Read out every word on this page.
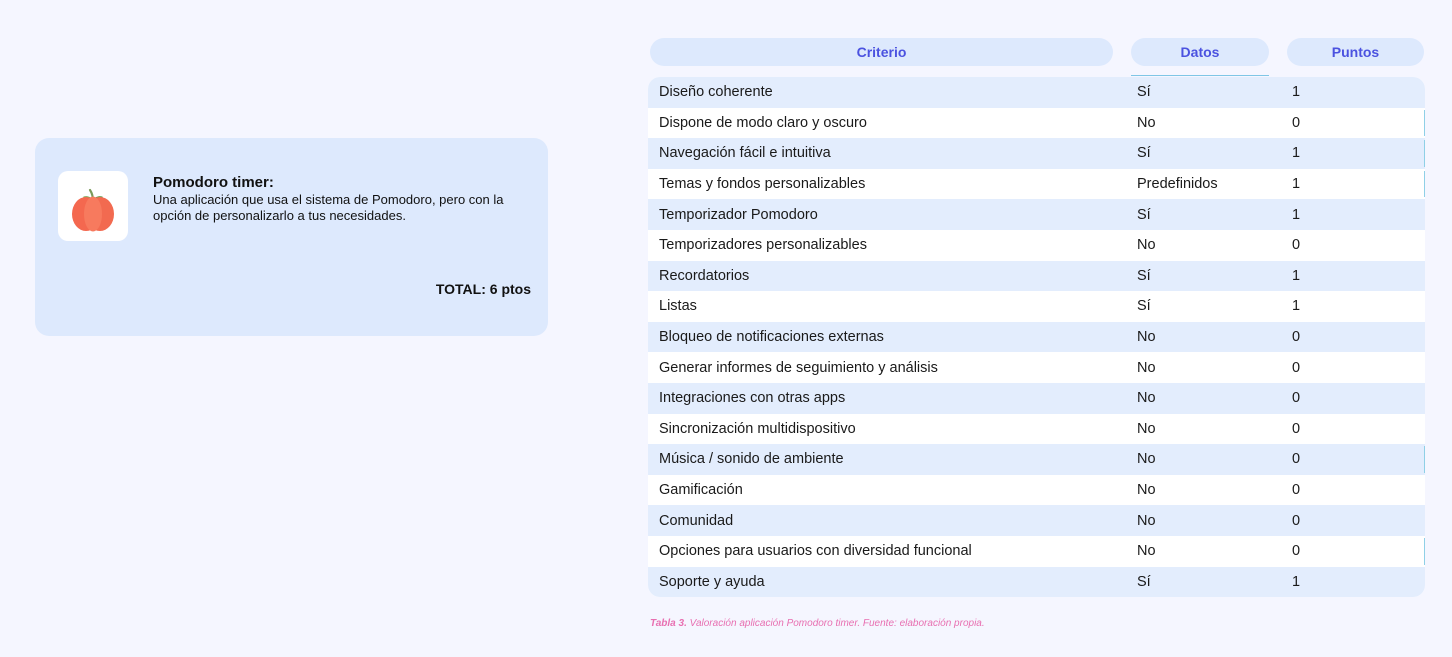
Pomodoro timer:
Una aplicación que usa el sistema de Pomodoro, pero con la opción de personalizarlo a tus necesidades.
TOTAL: 6 ptos
Criterio	Datos	Puntos
Diseño coherente	Sí	1
Dispone de modo claro y oscuro	No	0
Navegación fácil e intuitiva	Sí	1
Temas y fondos personalizables	Predefinidos	1
Temporizador Pomodoro	Sí	1
Temporizadores personalizables	No	0
Recordatorios	Sí	1
Listas	Sí	1
Bloqueo de notificaciones externas	No	0
Generar informes de seguimiento y análisis	No	0
Integraciones con otras apps	No	0
Sincronización multidispositivo	No	0
Música / sonido de ambiente	No	0
Gamificación	No	0
Comunidad	No	0
Opciones para usuarios con diversidad funcional	No	0
Soporte y ayuda	Sí	1
Tabla 3. Valoración aplicación Pomodoro timer. Fuente: elaboración propia.
